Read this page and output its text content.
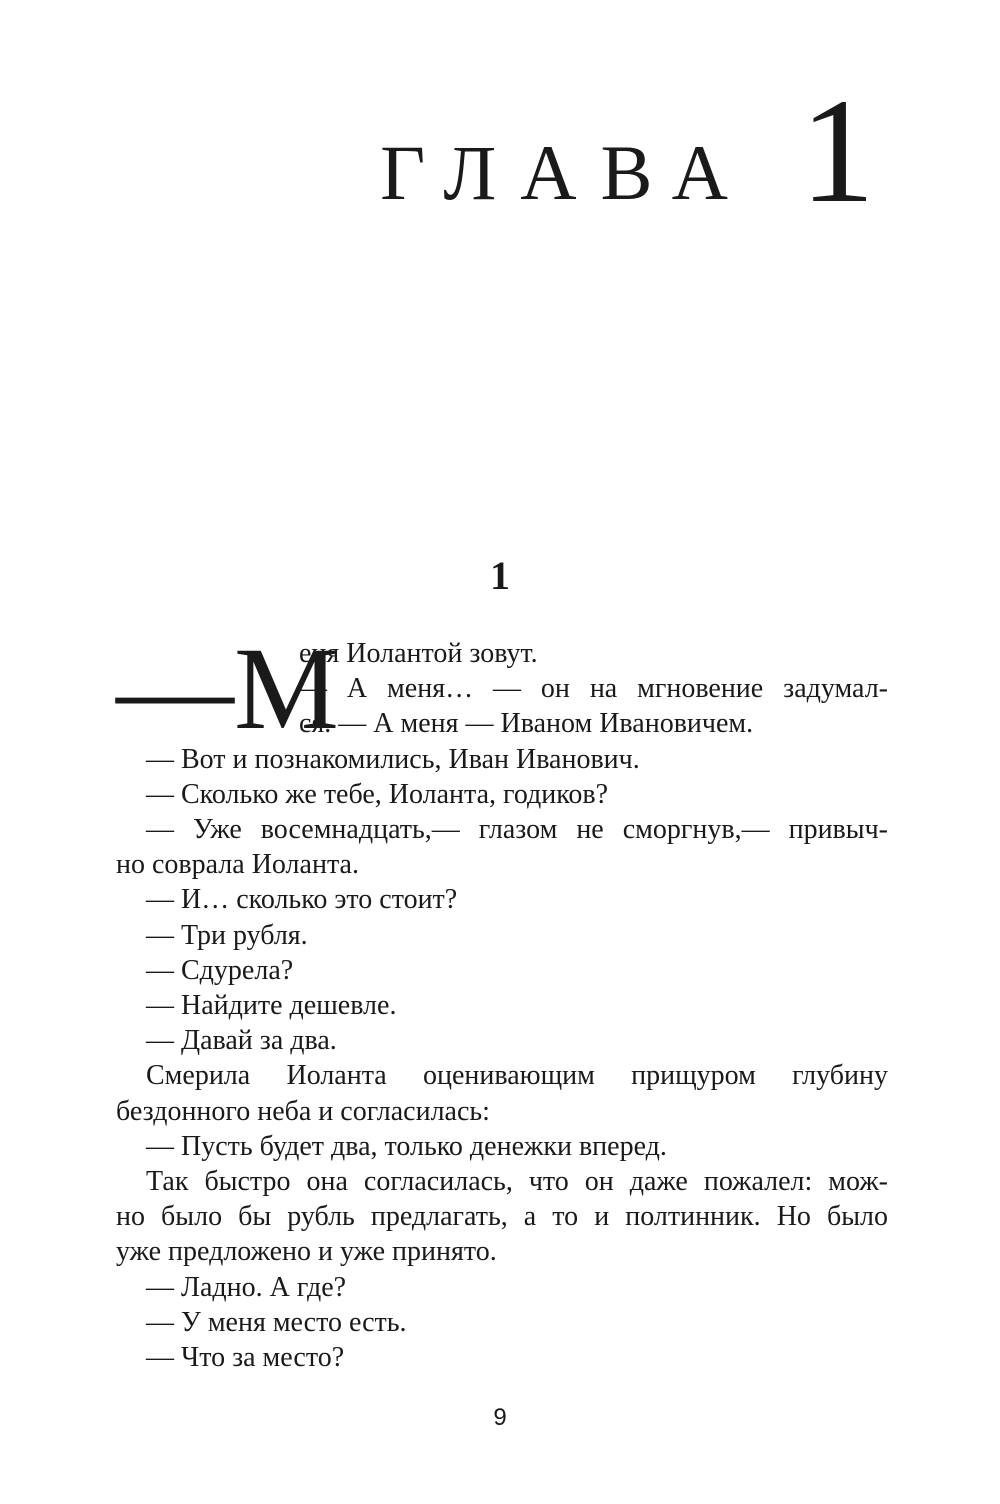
ГЛАВА 1
1
—М

еня Иолантой зовут.

— А меня… — он на мгновение задумал-

ся. — А меня — Иваном Ивановичем.

— Вот и познакомились, Иван Иванович.

— Сколько же тебе, Иоланта, годиков?

— Уже восемнадцать,— глазом не сморгнув,— привыч-

но соврала Иоланта.

— И… сколько это стоит?

— Три рубля.

— Сдурела?

— Найдите дешевле.

— Давай за два.

Смерила Иоланта оценивающим прищуром глубину

бездонного неба и согласилась:

— Пусть будет два, только денежки вперед.

Так быстро она согласилась, что он даже пожалел: мож-

но было бы рубль предлагать, а то и полтинник. Но было

уже предложено и уже принято.

— Ладно. А где?

— У меня место есть.

— Что за место?

9
